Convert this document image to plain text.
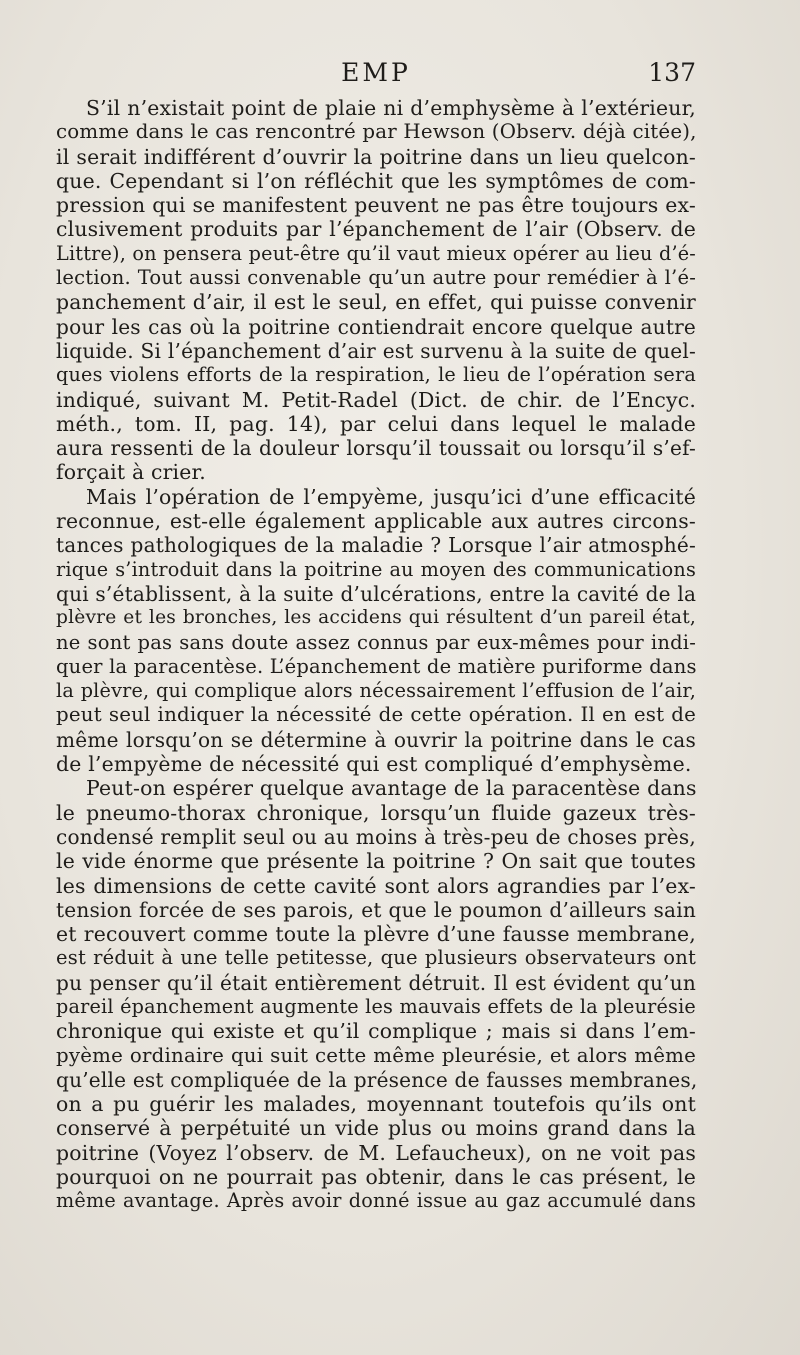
EMP	137
S’il n’existait point de plaie ni d’emphysème à l’extérieur,
comme dans le cas rencontré par Hewson (Observ. déjà citée),
il serait indifférent d’ouvrir la poitrine dans un lieu quelcon-
que. Cependant si l’on réfléchit que les symptômes de com-
pression qui se manifestent peuvent ne pas être toujours ex-
clusivement produits par l’épanchement de l’air (Observ. de
Littre), on pensera peut-être qu’il vaut mieux opérer au lieu d’é-
lection. Tout aussi convenable qu’un autre pour remédier à l’é-
panchement d’air, il est le seul, en effet, qui puisse convenir
pour les cas où la poitrine contiendrait encore quelque autre
liquide. Si l’épanchement d’air est survenu à la suite de quel-
ques violens efforts de la respiration, le lieu de l’opération sera
indiqué, suivant M. Petit-Radel (Dict. de chir. de l’Encyc.
méth., tom. II, pag. 14), par celui dans lequel le malade
aura ressenti de la douleur lorsqu’il toussait ou lorsqu’il s’ef-
forçait à crier.
Mais l’opération de l’empyème, jusqu’ici d’une efficacité
reconnue, est-elle également applicable aux autres circons-
tances pathologiques de la maladie ? Lorsque l’air atmosphé-
rique s’introduit dans la poitrine au moyen des communications
qui s’établissent, à la suite d’ulcérations, entre la cavité de la
plèvre et les bronches, les accidens qui résultent d’un pareil état,
ne sont pas sans doute assez connus par eux-mêmes pour indi-
quer la paracentèse. L’épanchement de matière puriforme dans
la plèvre, qui complique alors nécessairement l’effusion de l’air,
peut seul indiquer la nécessité de cette opération. Il en est de
même lorsqu’on se détermine à ouvrir la poitrine dans le cas
de l’empyème de nécessité qui est compliqué d’emphysème.
Peut-on espérer quelque avantage de la paracentèse dans
le pneumo-thorax chronique, lorsqu’un fluide gazeux très-
condensé remplit seul ou au moins à très-peu de choses près,
le vide énorme que présente la poitrine ? On sait que toutes
les dimensions de cette cavité sont alors agrandies par l’ex-
tension forcée de ses parois, et que le poumon d’ailleurs sain
et recouvert comme toute la plèvre d’une fausse membrane,
est réduit à une telle petitesse, que plusieurs observateurs ont
pu penser qu’il était entièrement détruit. Il est évident qu’un
pareil épanchement augmente les mauvais effets de la pleurésie
chronique qui existe et qu’il complique ; mais si dans l’em-
pyème ordinaire qui suit cette même pleurésie, et alors même
qu’elle est compliquée de la présence de fausses membranes,
on a pu guérir les malades, moyennant toutefois qu’ils ont
conservé à perpétuité un vide plus ou moins grand dans la
poitrine (Voyez l’observ. de M. Lefaucheux), on ne voit pas
pourquoi on ne pourrait pas obtenir, dans le cas présent, le
même avantage. Après avoir donné issue au gaz accumulé dans
